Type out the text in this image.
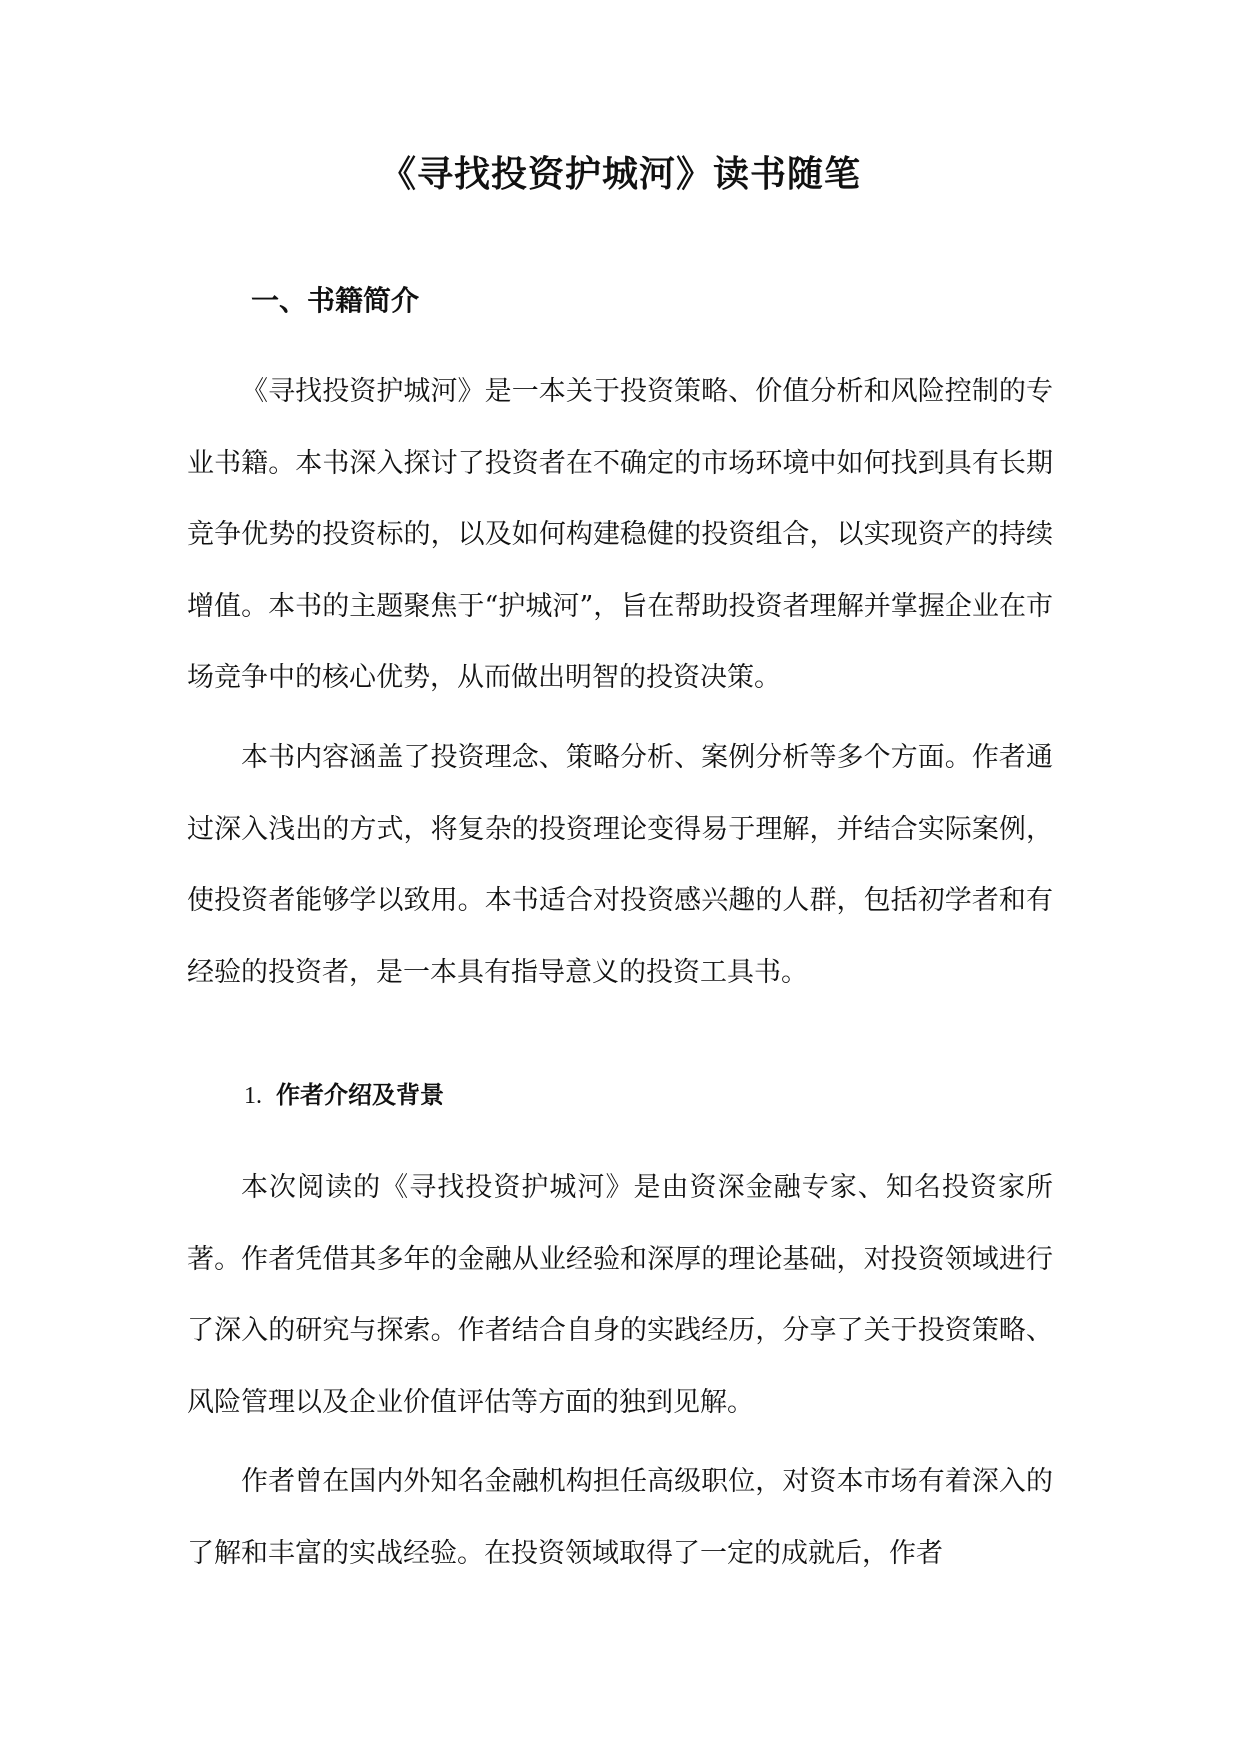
《寻找投资护城河》读书随笔
一、书籍简介

《寻找投资护城河》是一本关于投资策略、价值分析和风险控制的专业书籍。本书深入探讨了投资者在不确定的市场环境中如何找到具有长期竞争优势的投资标的，以及如何构建稳健的投资组合，以实现资产的持续增值。本书的主题聚焦于“护城河”，旨在帮助投资者理解并掌握企业在市场竞争中的核心优势，从而做出明智的投资决策。

本书内容涵盖了投资理念、策略分析、案例分析等多个方面。作者通过深入浅出的方式，将复杂的投资理论变得易于理解，并结合实际案例，使投资者能够学以致用。本书适合对投资感兴趣的人群，包括初学者和有经验的投资者，是一本具有指导意义的投资工具书。

1. 作者介绍及背景

本次阅读的《寻找投资护城河》是由资深金融专家、知名投资家所著。作者凭借其多年的金融从业经验和深厚的理论基础，对投资领域进行了深入的研究与探索。作者结合自身的实践经历，分享了关于投资策略、风险管理以及企业价值评估等方面的独到见解。

作者曾在国内外知名金融机构担任高级职位，对资本市场有着深入的了解和丰富的实战经验。在投资领域取得了一定的成就后，作者
